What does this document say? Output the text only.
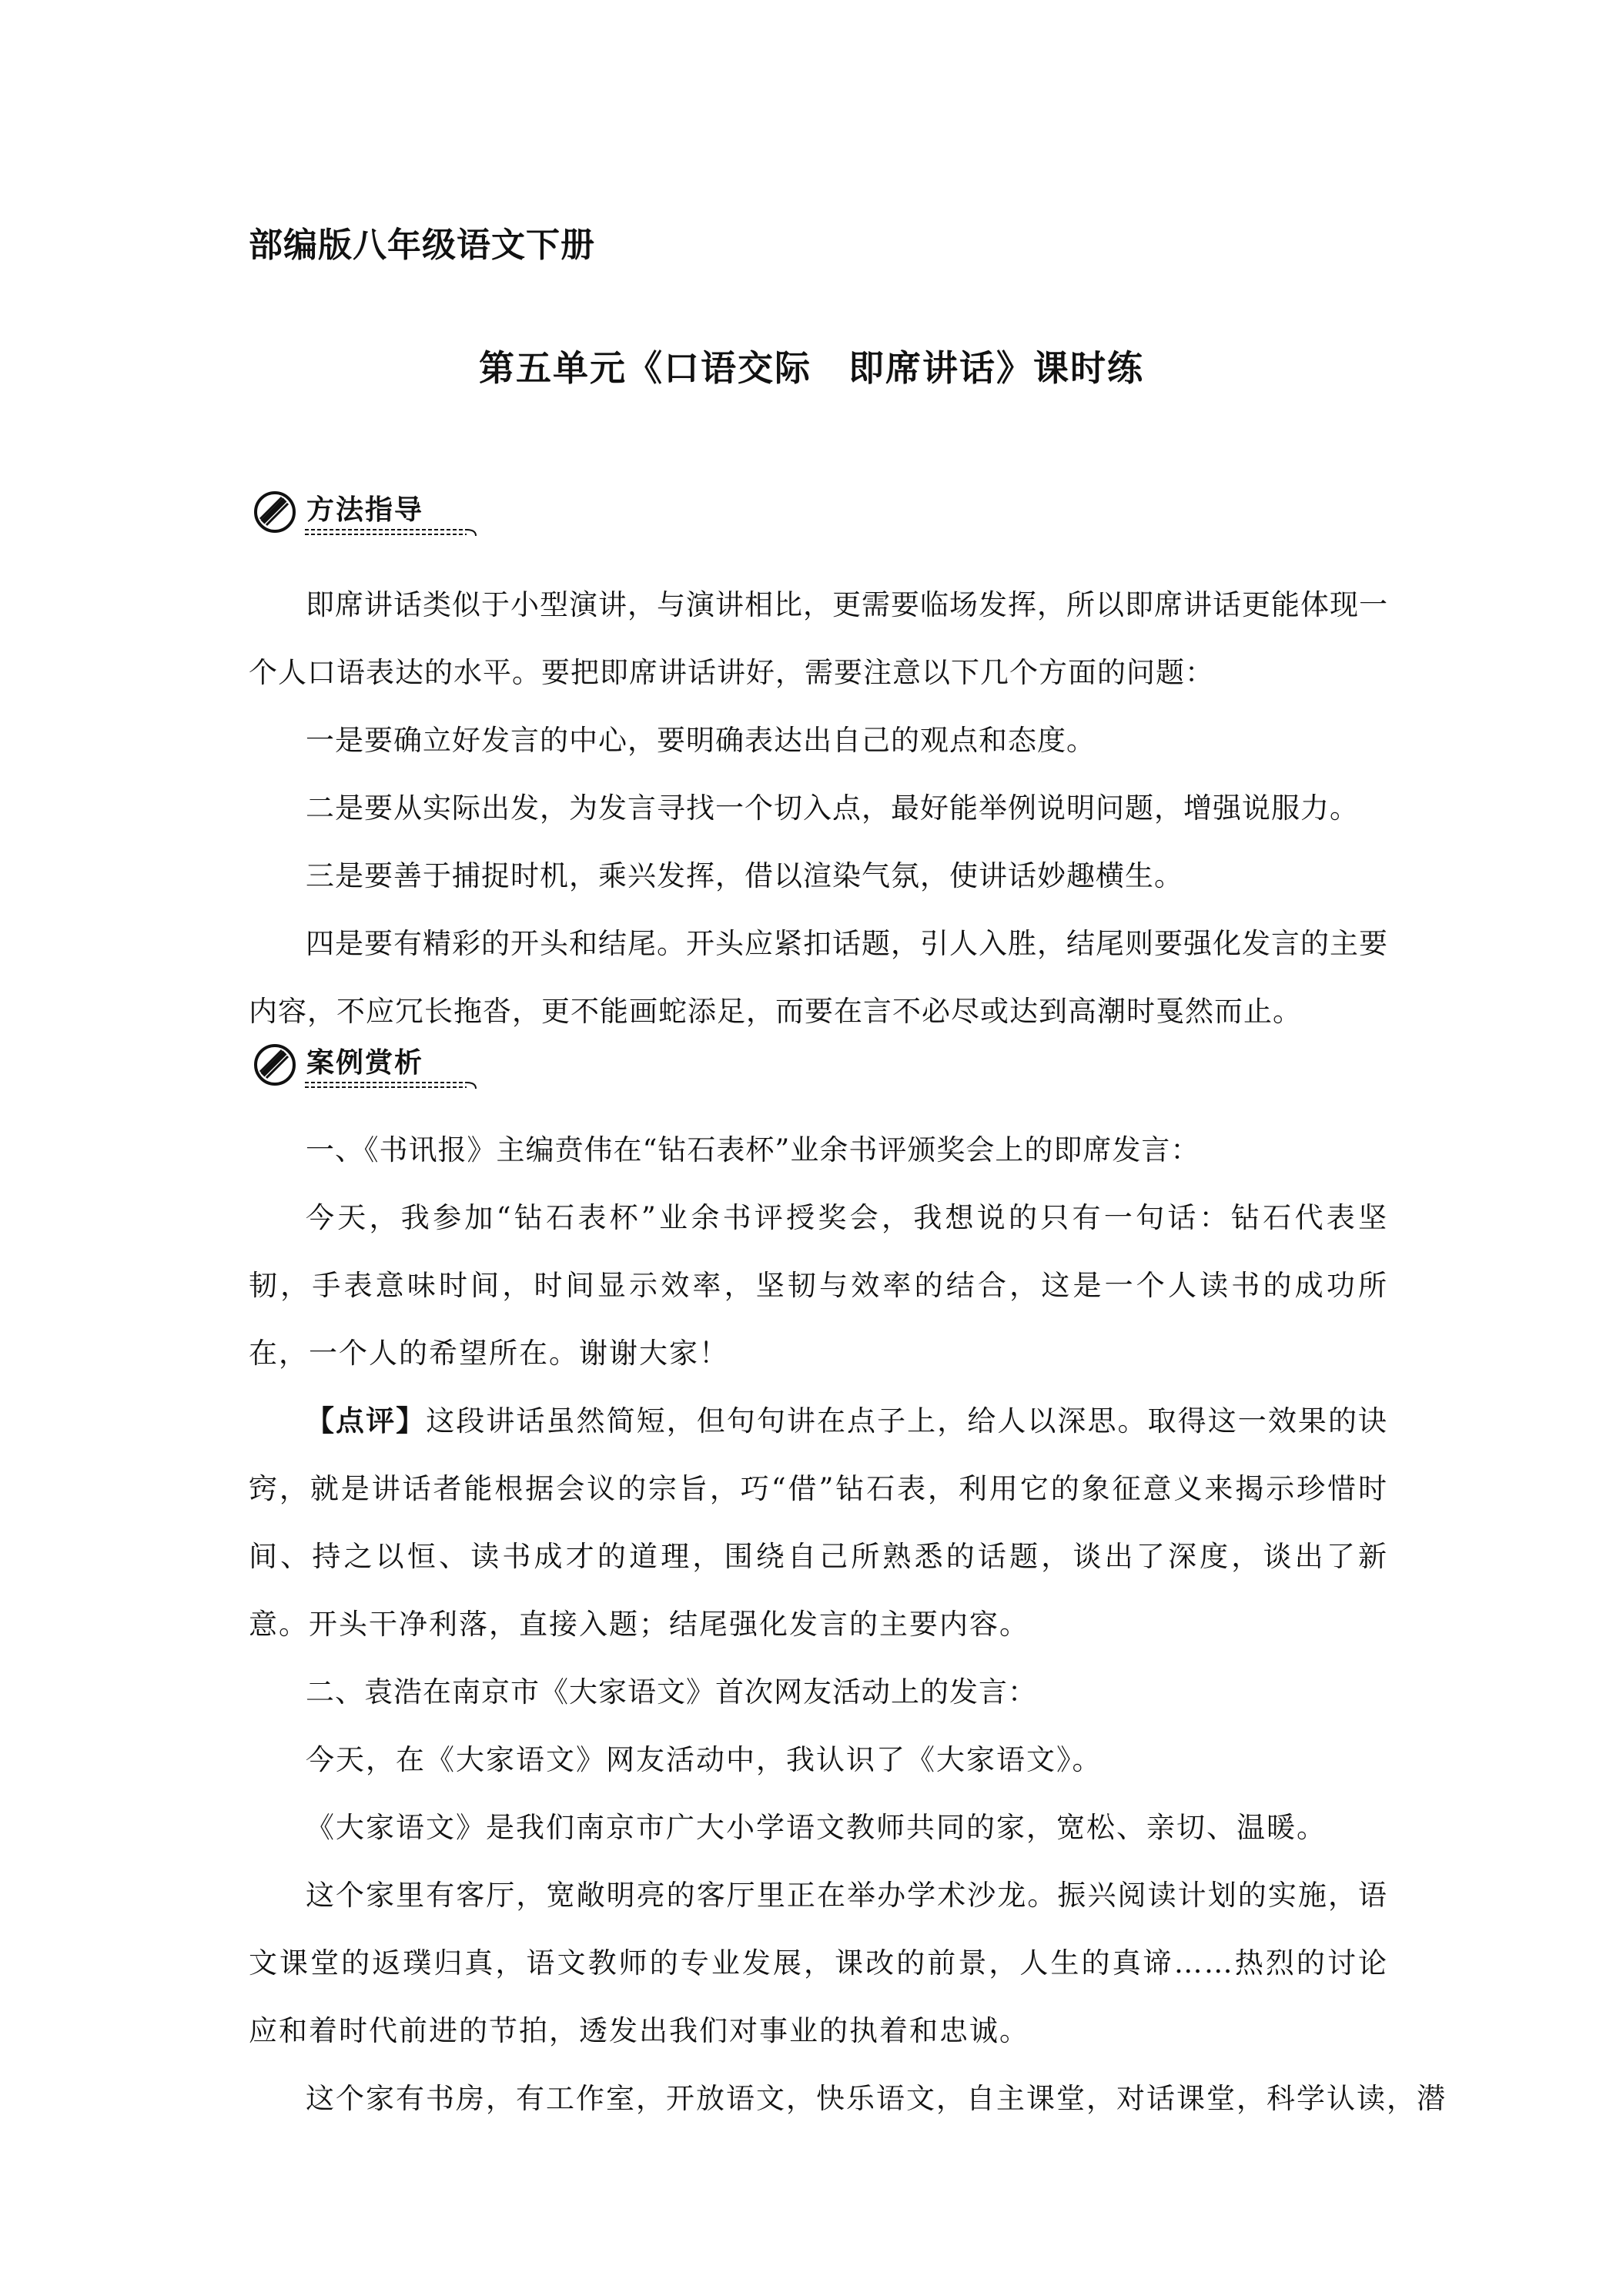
部编版八年级语文下册
第五单元《口语交际　即席讲话》课时练
方法指导

即席讲话类似于小型演讲，与演讲相比，更需要临场发挥，所以即席讲话更能体现一个人口语表达的水平。要把即席讲话讲好，需要注意以下几个方面的问题：

一是要确立好发言的中心，要明确表达出自己的观点和态度。

二是要从实际出发，为发言寻找一个切入点，最好能举例说明问题，增强说服力。

三是要善于捕捉时机，乘兴发挥，借以渲染气氛，使讲话妙趣横生。

四是要有精彩的开头和结尾。开头应紧扣话题，引人入胜，结尾则要强化发言的主要内容，不应冗长拖沓，更不能画蛇添足，而要在言不必尽或达到高潮时戛然而止。

案例赏析

一、《书讯报》主编贲伟在“钻石表杯”业余书评颁奖会上的即席发言：

今天，我参加“钻石表杯”业余书评授奖会，我想说的只有一句话：钻石代表坚韧，手表意味时间，时间显示效率，坚韧与效率的结合，这是一个人读书的成功所在，一个人的希望所在。谢谢大家！

【点评】这段讲话虽然简短，但句句讲在点子上，给人以深思。取得这一效果的诀窍，就是讲话者能根据会议的宗旨，巧“借”钻石表，利用它的象征意义来揭示珍惜时间、持之以恒、读书成才的道理，围绕自己所熟悉的话题，谈出了深度，谈出了新意。开头干净利落，直接入题；结尾强化发言的主要内容。

二、袁浩在南京市《大家语文》首次网友活动上的发言：

今天，在《大家语文》网友活动中，我认识了《大家语文》。

《大家语文》是我们南京市广大小学语文教师共同的家，宽松、亲切、温暖。

这个家里有客厅，宽敞明亮的客厅里正在举办学术沙龙。振兴阅读计划的实施，语文课堂的返璞归真，语文教师的专业发展，课改的前景，人生的真谛……热烈的讨论应和着时代前进的节拍，透发出我们对事业的执着和忠诚。

这个家有书房，有工作室，开放语文，快乐语文，自主课堂，对话课堂，科学认读，潜
